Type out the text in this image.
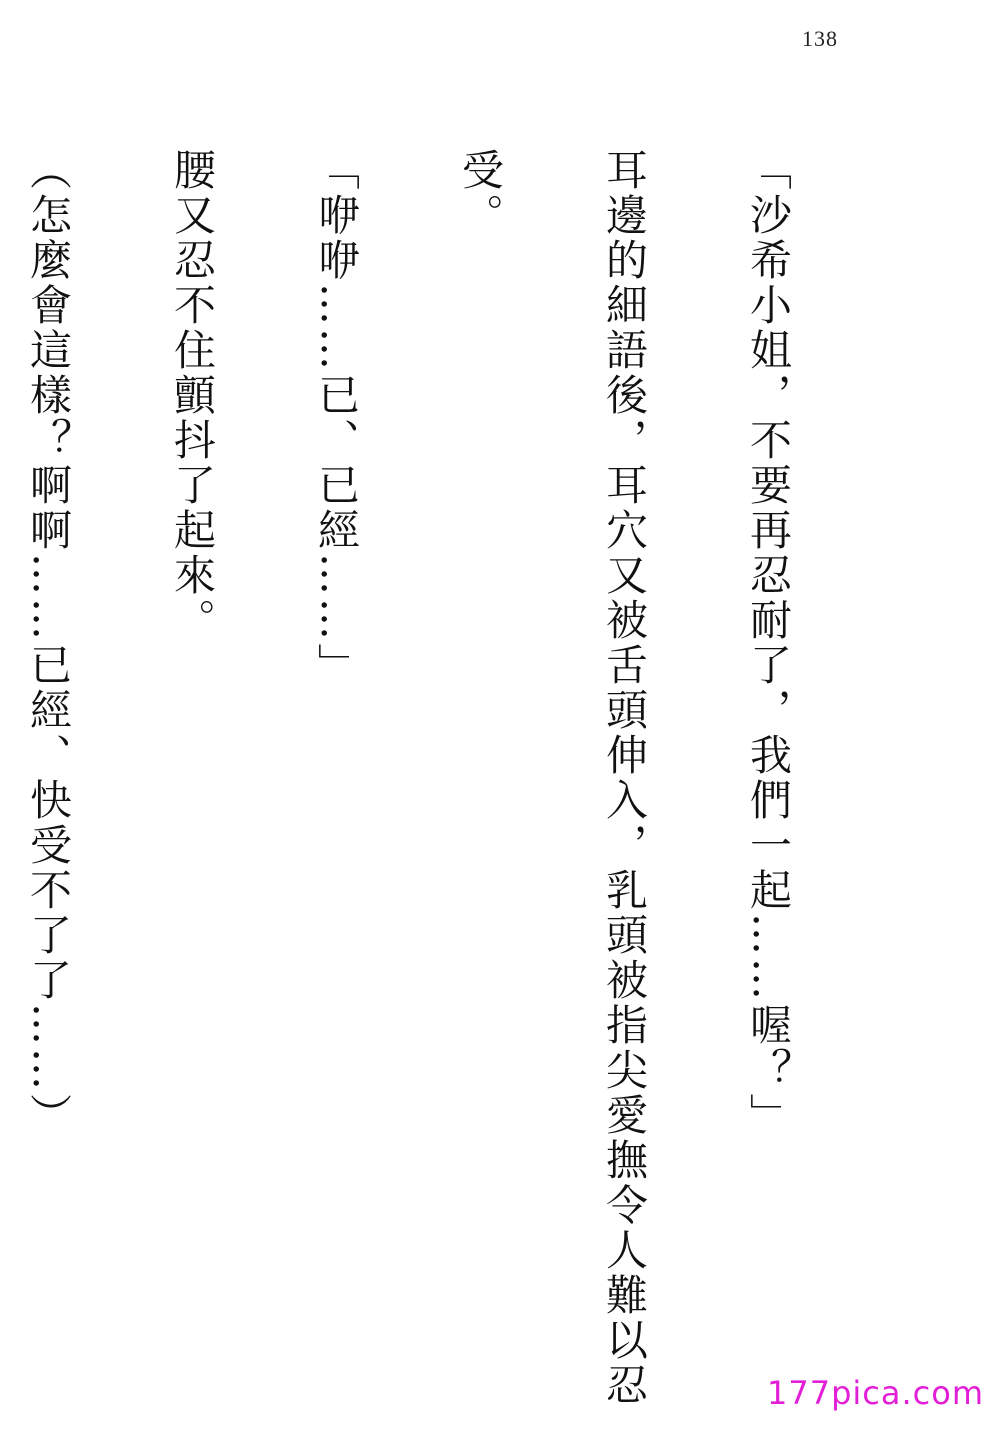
138

「沙希小姐，不要再忍耐了，我們一起……喔？」

耳邊的細語後，耳穴又被舌頭伸入，乳頭被指尖愛撫令人難以忍

受。

「咿咿……已、已經……」

腰又忍不住顫抖了起來。

（怎麼會這樣？啊啊……已經、快受不了了……）

177pica.com
